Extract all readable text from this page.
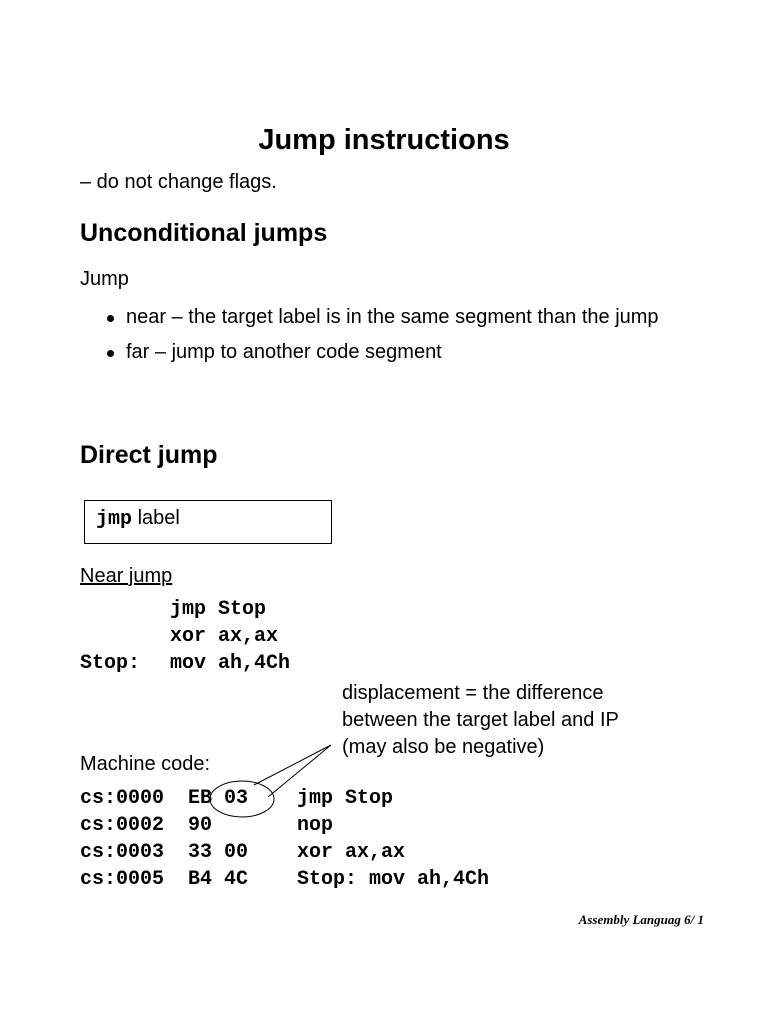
Jump instructions
– do not change flags.
Unconditional jumps
Jump
near – the target label is in the same segment than the jump
far – jump to another code segment
Direct jump
jmp label
Near jump
jmp Stop
xor ax,ax
Stop: mov ah,4Ch
displacement = the difference
between the target label and IP
(may also be negative)
Machine code:
cs:0000 EB 03 jmp Stop
cs:0002 90	nop
cs:0003 33 00 xor ax,ax
cs:0005 B4 4C Stop: mov ah,4Ch
Assembly Languag 6/ 1
